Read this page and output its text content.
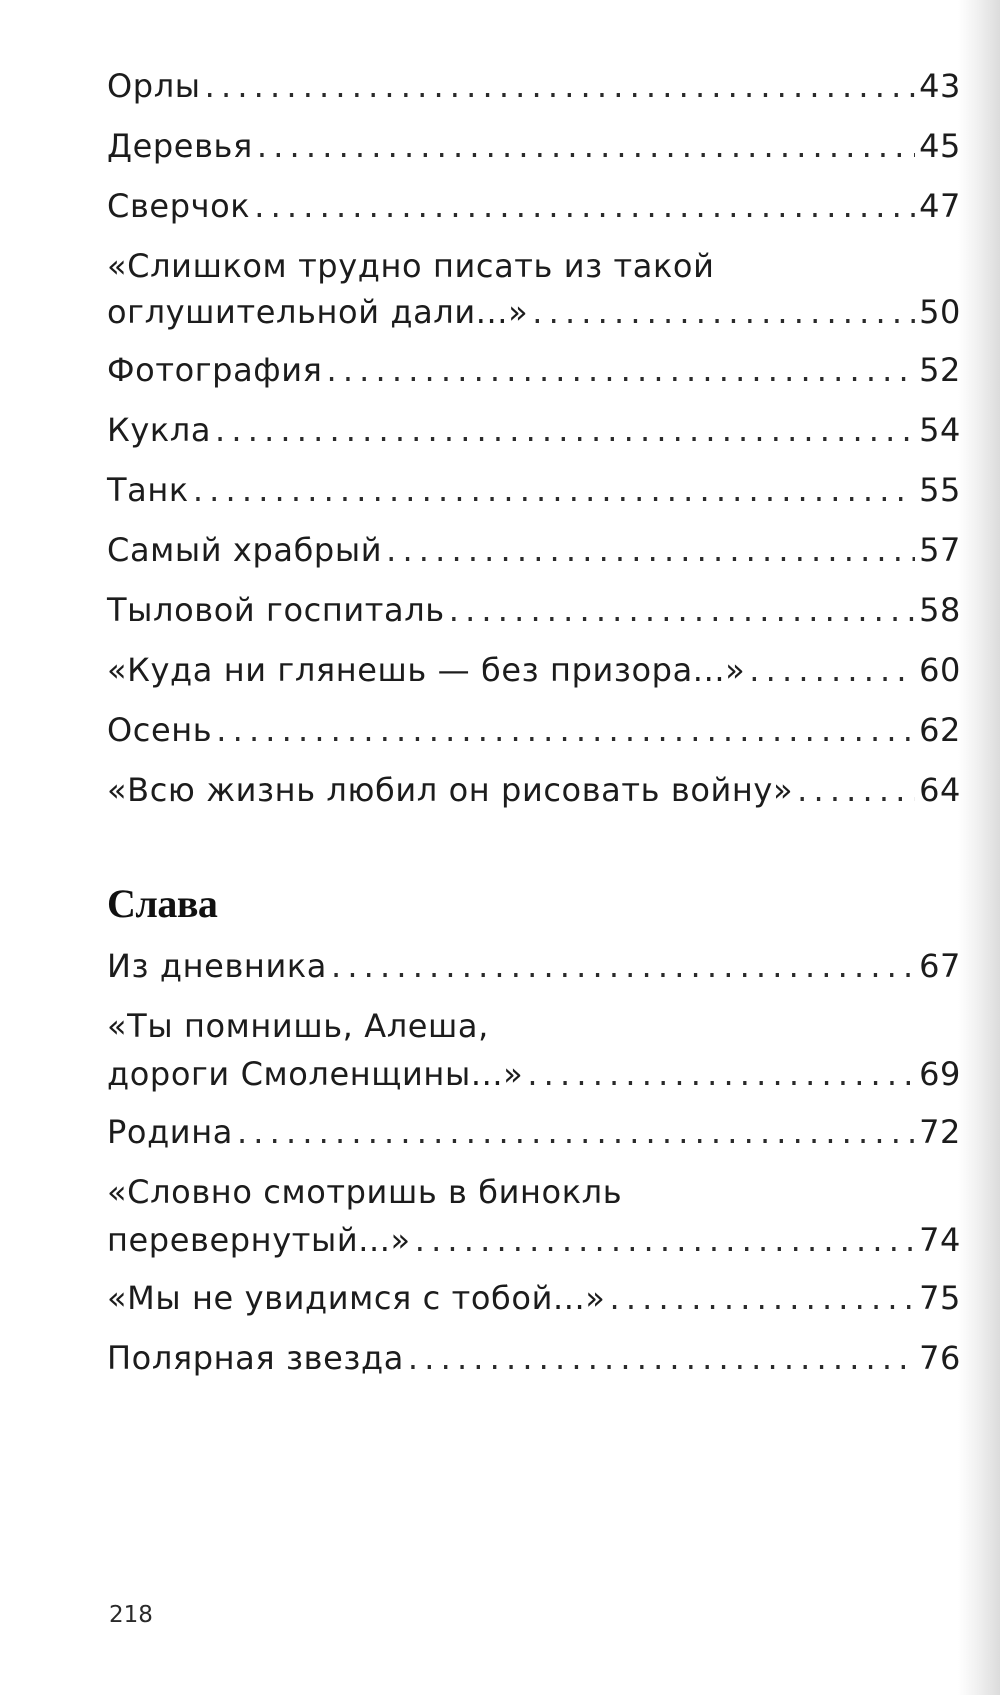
Орлы . . .	43
Деревья . . .	45
Сверчок . . .	47
«Слишком трудно писать из такой
оглушительной дали...» . . .	50
Фотография . . .	52
Кукла . . .	54
Танк . . .	55
Самый храбрый . . .	57
Тыловой госпиталь . . .	58
«Куда ни глянешь — без призора...» . . .	60
Осень . . .	62
«Всю жизнь любил он рисовать войну» . . .	64
Слава
Из дневника . . .	67
«Ты помнишь, Алеша,
дороги Смоленщины...» . . .	69
Родина . . .	72
«Словно смотришь в бинокль
перевернутый...» . . .	74
«Мы не увидимся с тобой...» . . .	75
Полярная звезда . . .	76
218
